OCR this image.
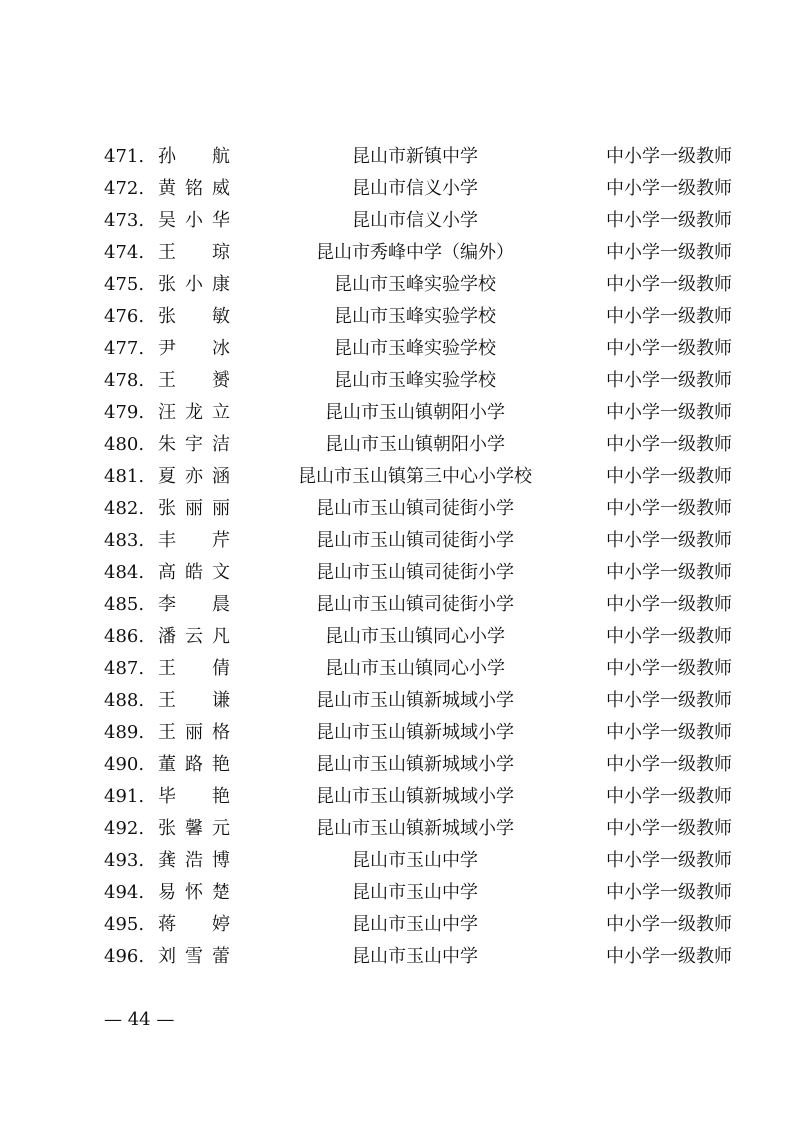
471. 孙 航	昆山市新镇中学	中小学一级教师
472. 黄铭威	昆山市信义小学	中小学一级教师
473. 吴小华	昆山市信义小学	中小学一级教师
474. 王 琼	昆山市秀峰中学（编外）	中小学一级教师
475. 张小康	昆山市玉峰实验学校	中小学一级教师
476. 张 敏	昆山市玉峰实验学校	中小学一级教师
477. 尹 冰	昆山市玉峰实验学校	中小学一级教师
478. 王 赟	昆山市玉峰实验学校	中小学一级教师
479. 汪龙立	昆山市玉山镇朝阳小学	中小学一级教师
480. 朱宇洁	昆山市玉山镇朝阳小学	中小学一级教师
481. 夏亦涵	昆山市玉山镇第三中心小学校	中小学一级教师
482. 张丽丽	昆山市玉山镇司徒街小学	中小学一级教师
483. 丰 芹	昆山市玉山镇司徒街小学	中小学一级教师
484. 高皓文	昆山市玉山镇司徒街小学	中小学一级教师
485. 李 晨	昆山市玉山镇司徒街小学	中小学一级教师
486. 潘云凡	昆山市玉山镇同心小学	中小学一级教师
487. 王 倩	昆山市玉山镇同心小学	中小学一级教师
488. 王 谦	昆山市玉山镇新城域小学	中小学一级教师
489. 王丽格	昆山市玉山镇新城域小学	中小学一级教师
490. 董路艳	昆山市玉山镇新城域小学	中小学一级教师
491. 毕 艳	昆山市玉山镇新城域小学	中小学一级教师
492. 张馨元	昆山市玉山镇新城域小学	中小学一级教师
493. 龚浩博	昆山市玉山中学	中小学一级教师
494. 易怀楚	昆山市玉山中学	中小学一级教师
495. 蒋 婷	昆山市玉山中学	中小学一级教师
496. 刘雪蕾	昆山市玉山中学	中小学一级教师
— 44 —
